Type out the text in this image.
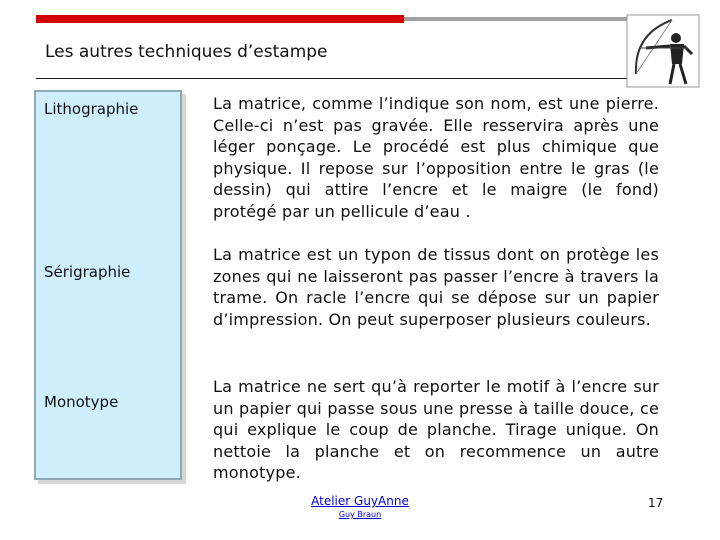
Les autres techniques d’estampe
Lithographie	La matrice, comme l’indique son nom, est une pierre. Celle-ci n’est pas gravée. Elle resservira après une léger ponçage. Le procédé est plus chimique que physique. Il repose sur l’opposition entre le gras (le dessin) qui attire l’encre et le maigre (le fond) protégé par un pellicule d’eau .
Sérigraphie
La matrice est un typon de tissus dont on protège les zones qui ne laisseront pas passer l’encre à travers la trame. On racle l’encre qui se dépose sur un papier d’impression. On peut superposer plusieurs couleurs.
Monotype
La matrice ne sert qu’à reporter le motif à l’encre sur un papier qui passe sous une presse à taille douce, ce qui explique le coup de planche. Tirage unique. On nettoie la planche et on recommence un autre monotype.
Atelier GuyAnne
Guy Braun
17
